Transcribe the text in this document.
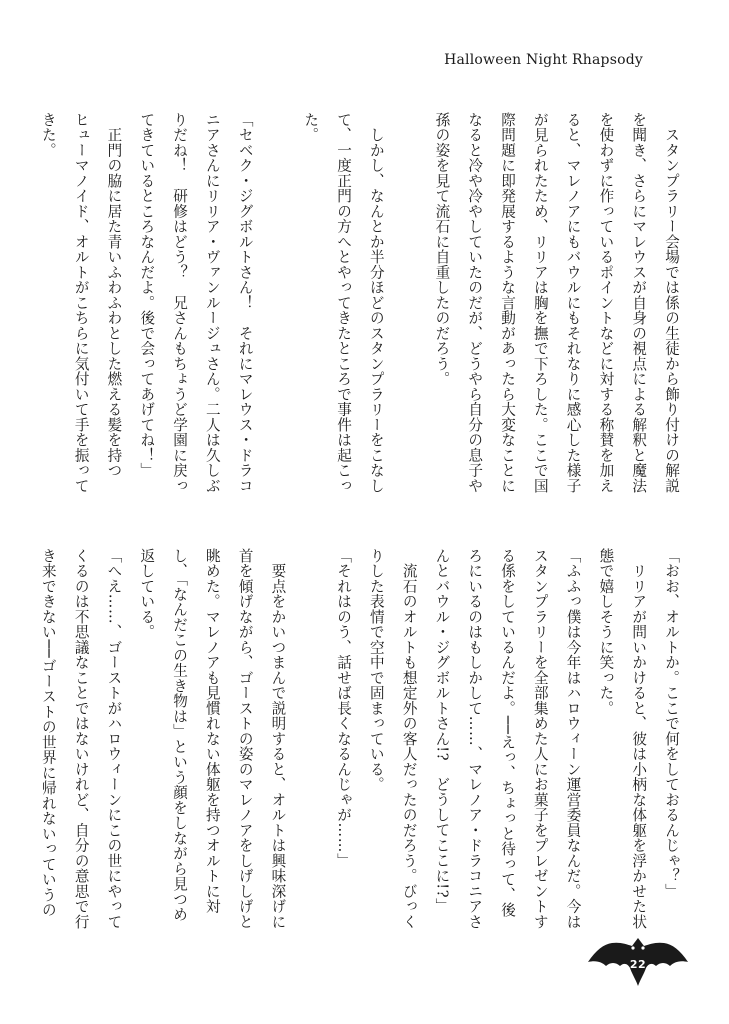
Halloween Night Rhapsody
　スタンプラリー会場では係の生徒から飾り付けの解説
を聞き、さらにマレウスが自身の視点による解釈と魔法
を使わずに作っているポイントなどに対する称賛を加え
ると、マレノアにもバウルにもそれなりに感心した様子
が見られたため、リリアは胸を撫で下ろした。ここで国
際問題に即発展するような言動があったら大変なことに
なると冷や冷やしていたのだが、どうやら自分の息子や
孫の姿を見て流石に自重したのだろう。
　しかし、なんとか半分ほどのスタンプラリーをこなし
て、一度正門の方へとやってきたところで事件は起こっ
た。
「セベク・ジグボルトさん！　それにマレウス・ドラコ
ニアさんにリリア・ヴァンルージュさん。二人は久しぶ
りだね！　研修はどう？　兄さんもちょうど学園に戻っ
てきているところなんだよ。後で会ってあげてね！」
　正門の脇に居た青いふわふわとした燃える髪を持つ
ヒューマノイド、オルトがこちらに気付いて手を振って
きた。
「おお、オルトか。ここで何をしておるんじゃ？」
　リリアが問いかけると、彼は小柄な体躯を浮かせた状
態で嬉しそうに笑った。
「ふふっ僕は今年はハロウィーン運営委員なんだ。今は
スタンプラリーを全部集めた人にお菓子をプレゼントす
る係をしているんだよ。──えっ、ちょっと待って、後
ろにいるのはもしかして……、マレノア・ドラコニアさ
んとバウル・ジグボルトさん!?　どうしてここに!?」
　流石のオルトも想定外の客人だったのだろう。びっく
りした表情で空中で固まっている。
「それはのう、話せば長くなるんじゃが……」
　要点をかいつまんで説明すると、オルトは興味深げに
首を傾げながら、ゴーストの姿のマレノアをしげしげと
眺めた。マレノアも見慣れない体躯を持つオルトに対
し、「なんだこの生き物は」という顔をしながら見つめ
返している。
「へえ……、ゴーストがハロウィーンにこの世にやって
くるのは不思議なことではないけれど、自分の意思で行
き来できない──ゴーストの世界に帰れないっていうの
22
